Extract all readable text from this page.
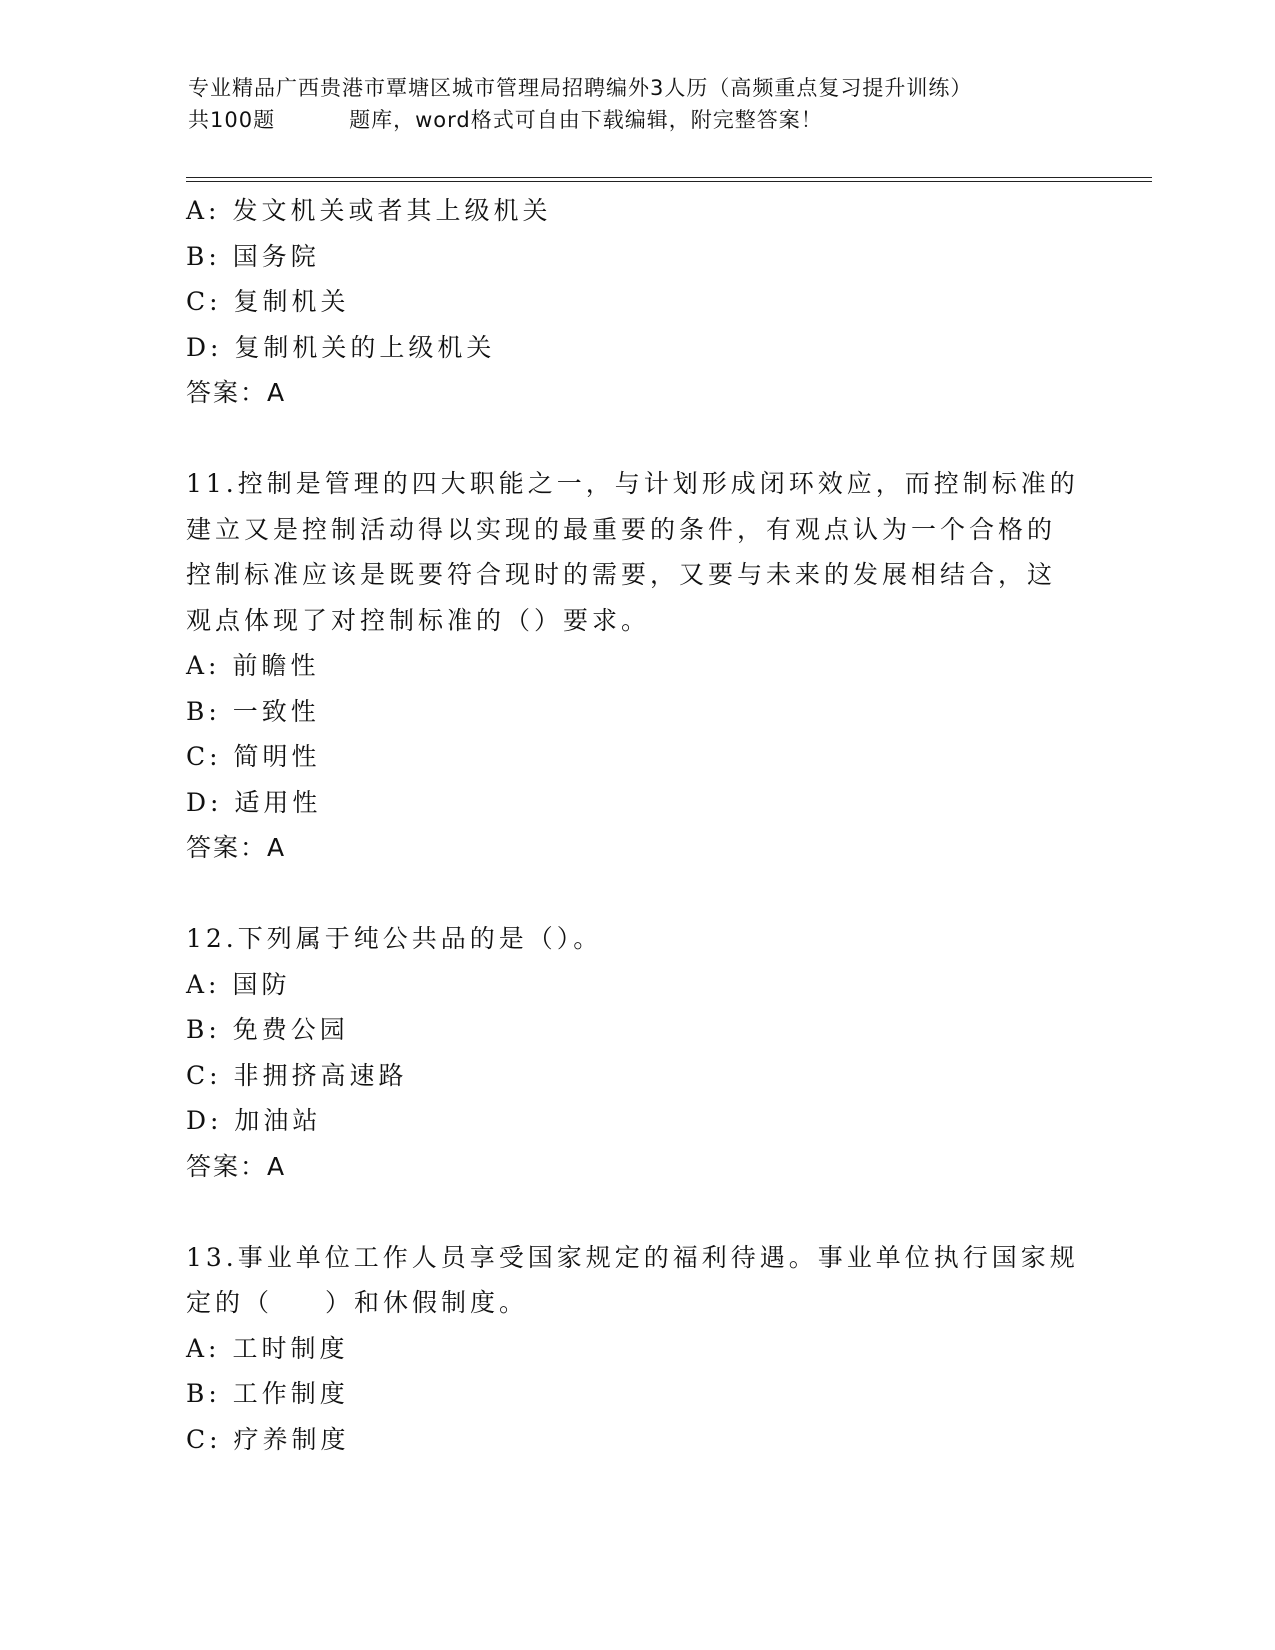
专业精品广西贵港市覃塘区城市管理局招聘编外3人历（高频重点复习提升训练）
共100题	题库，word格式可自由下载编辑，附完整答案！
A: 发文机关或者其上级机关
B: 国务院
C: 复制机关
D: 复制机关的上级机关
答案：A
11.控制是管理的四大职能之一，与计划形成闭环效应，而控制标准的
建立又是控制活动得以实现的最重要的条件，有观点认为一个合格的
控制标准应该是既要符合现时的需要，又要与未来的发展相结合，这
观点体现了对控制标准的（）要求。
A: 前瞻性
B: 一致性
C: 简明性
D: 适用性
答案：A
12.下列属于纯公共品的是（）。
A: 国防
B: 免费公园
C: 非拥挤高速路
D: 加油站
答案：A
13.事业单位工作人员享受国家规定的福利待遇。事业单位执行国家规
定的（ ）和休假制度。
A: 工时制度
B: 工作制度
C: 疗养制度
